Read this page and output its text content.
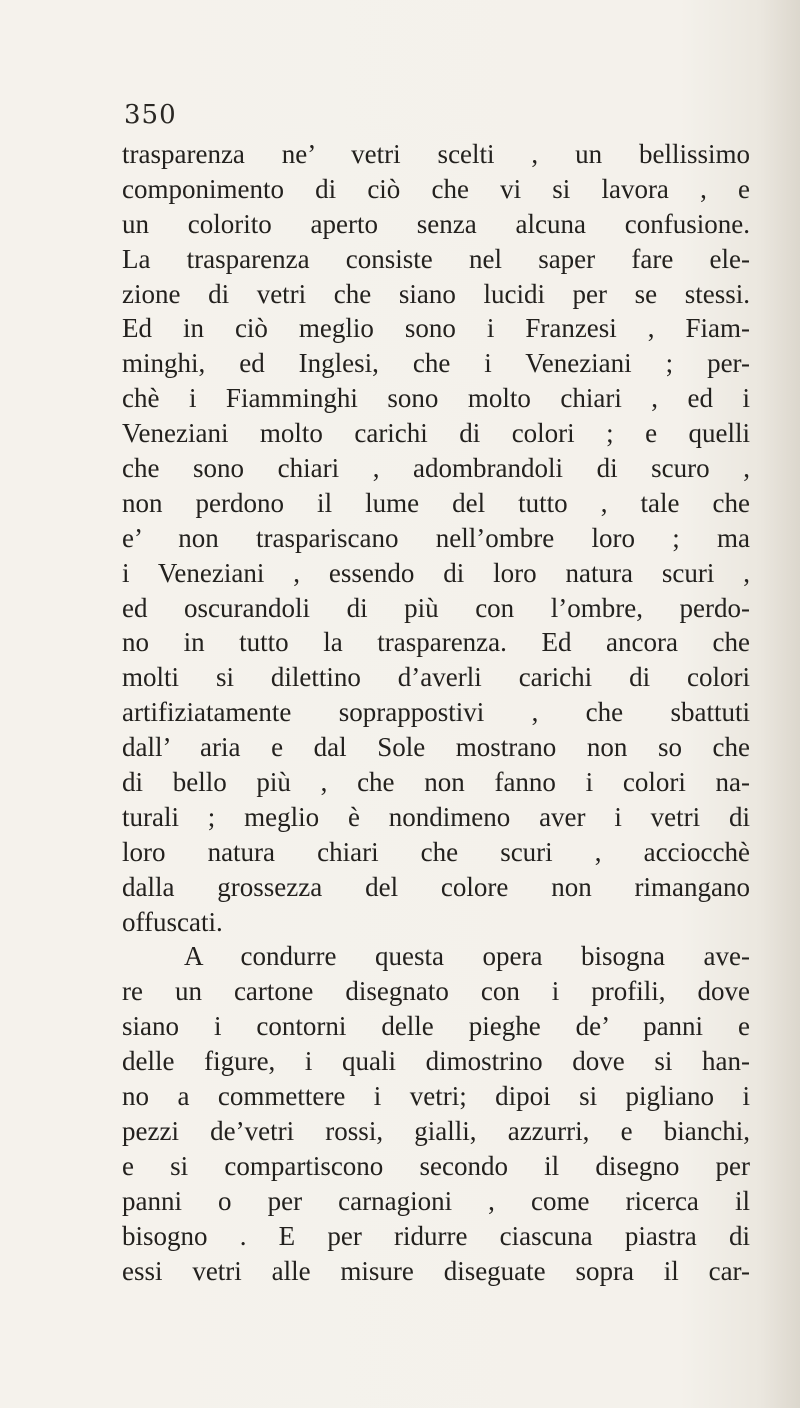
350
trasparenza ne’ vetri scelti , un bellissimo
componimento di ciò che vi si lavora , e
un colorito aperto senza alcuna confusione.
La trasparenza consiste nel saper fare ele-
zione di vetri che siano lucidi per se stessi.
Ed in ciò meglio sono i Franzesi , Fiam-
minghi, ed Inglesi, che i Veneziani ; per-
chè i Fiamminghi sono molto chiari , ed i
Veneziani molto carichi di colori ; e quelli
che sono chiari , adombrandoli di scuro ,
non perdono il lume del tutto , tale che
e’ non traspariscano nell’ombre loro ; ma
i Veneziani , essendo di loro natura scuri ,
ed oscurandoli di più con l’ombre, perdo-
no in tutto la trasparenza. Ed ancora che
molti si dilettino d’averli carichi di colori
artifiziatamente soprappostivi , che sbattuti
dall’ aria e dal Sole mostrano non so che
di bello più , che non fanno i colori na-
turali ; meglio è nondimeno aver i vetri di
loro natura chiari che scuri , acciocchè
dalla grossezza del colore non rimangano
offuscati.
A condurre questa opera bisogna ave-
re un cartone disegnato con i profili, dove
siano i contorni delle pieghe de’ panni e
delle figure, i quali dimostrino dove si han-
no a commettere i vetri; dipoi si pigliano i
pezzi de’vetri rossi, gialli, azzurri, e bianchi,
e si compartiscono secondo il disegno per
panni o per carnagioni , come ricerca il
bisogno . E per ridurre ciascuna piastra di
essi vetri alle misure diseguate sopra il car-
